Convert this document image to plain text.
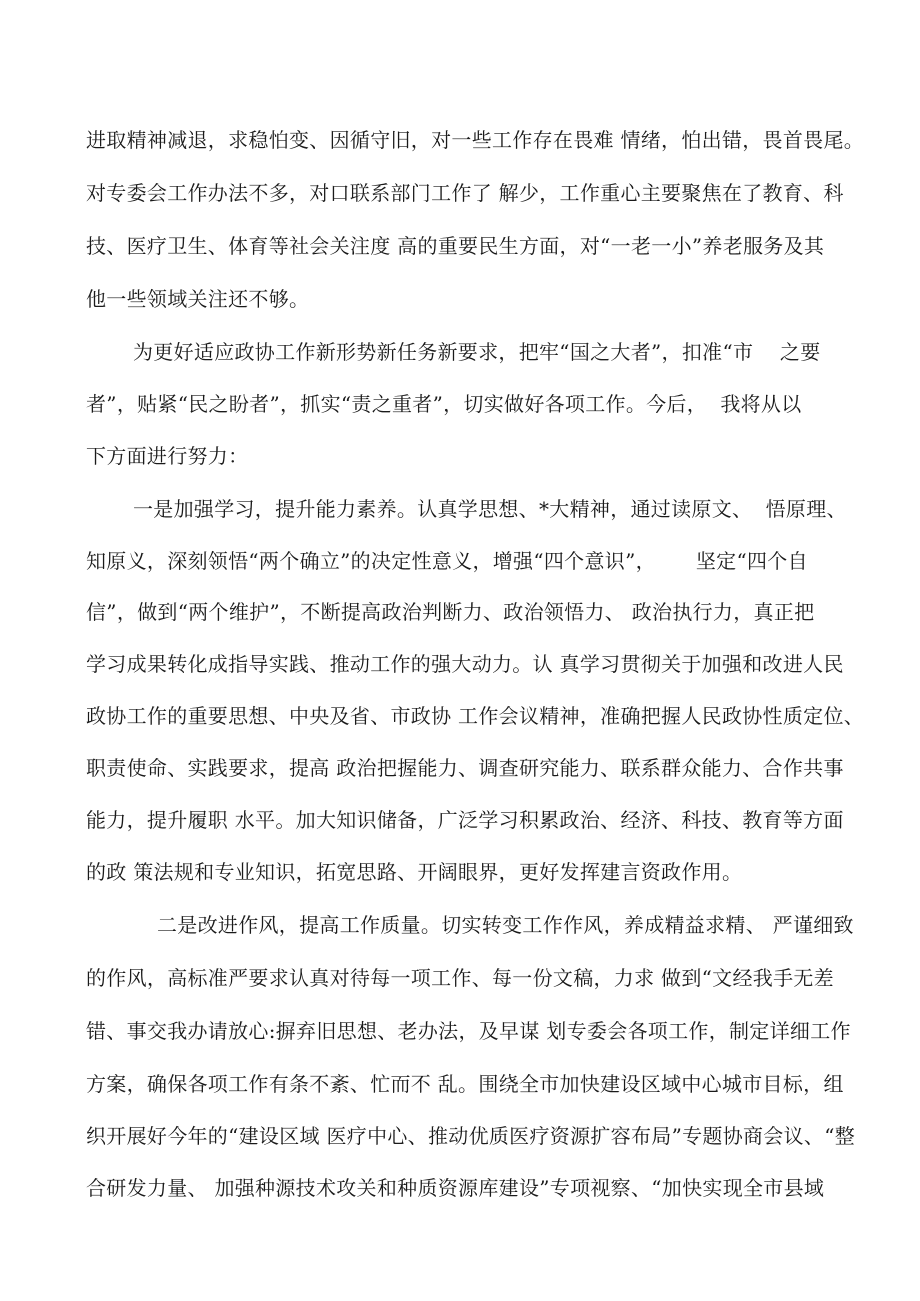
进取精神减退，求稳怕变、因循守旧，对一些工作存在畏难 情绪，怕出错，畏首畏尾。
对专委会工作办法不多，对口联系部门工作了 解少，工作重心主要聚焦在了教育、科
技、医疗卫生、体育等社会关注度 高的重要民生方面，对“一老一小”养老服务及其
他一些领域关注还不够。
为更好适应政协工作新形势新任务新要求，把牢“国之大者”，扣准“市    之要
者”，贴紧“民之盼者”，抓实“责之重者”，切实做好各项工作。今后，  我将从以
下方面进行努力：
一是加强学习，提升能力素养。认真学思想、*大精神，通过读原文、  悟原理、
知原义，深刻领悟“两个确立”的决定性意义，增强“四个意识”，      坚定“四个自
信”，做到“两个维护”，不断提高政治判断力、政治领悟力、 政治执行力，真正把
学习成果转化成指导实践、推动工作的强大动力。认 真学习贯彻关于加强和改进人民
政协工作的重要思想、中央及省、市政协 工作会议精神，准确把握人民政协性质定位、
职责使命、实践要求，提高 政治把握能力、调查研究能力、联系群众能力、合作共事
能力，提升履职 水平。加大知识储备，广泛学习积累政治、经济、科技、教育等方面
的政 策法规和专业知识，拓宽思路、开阔眼界，更好发挥建言资政作用。
二是改进作风，提高工作质量。切实转变工作作风，养成精益求精、 严谨细致
的作风，高标准严要求认真对待每一项工作、每一份文稿，力求 做到“文经我手无差
错、事交我办请放心:摒弃旧思想、老办法，及早谋 划专委会各项工作，制定详细工作
方案，确保各项工作有条不紊、忙而不 乱。围绕全市加快建设区域中心城市目标，组
织开展好今年的“建设区域 医疗中心、推动优质医疗资源扩容布局”专题协商会议、“整
合研发力量、 加强种源技术攻关和种质资源库建设”专项视察、“加快实现全市县域
